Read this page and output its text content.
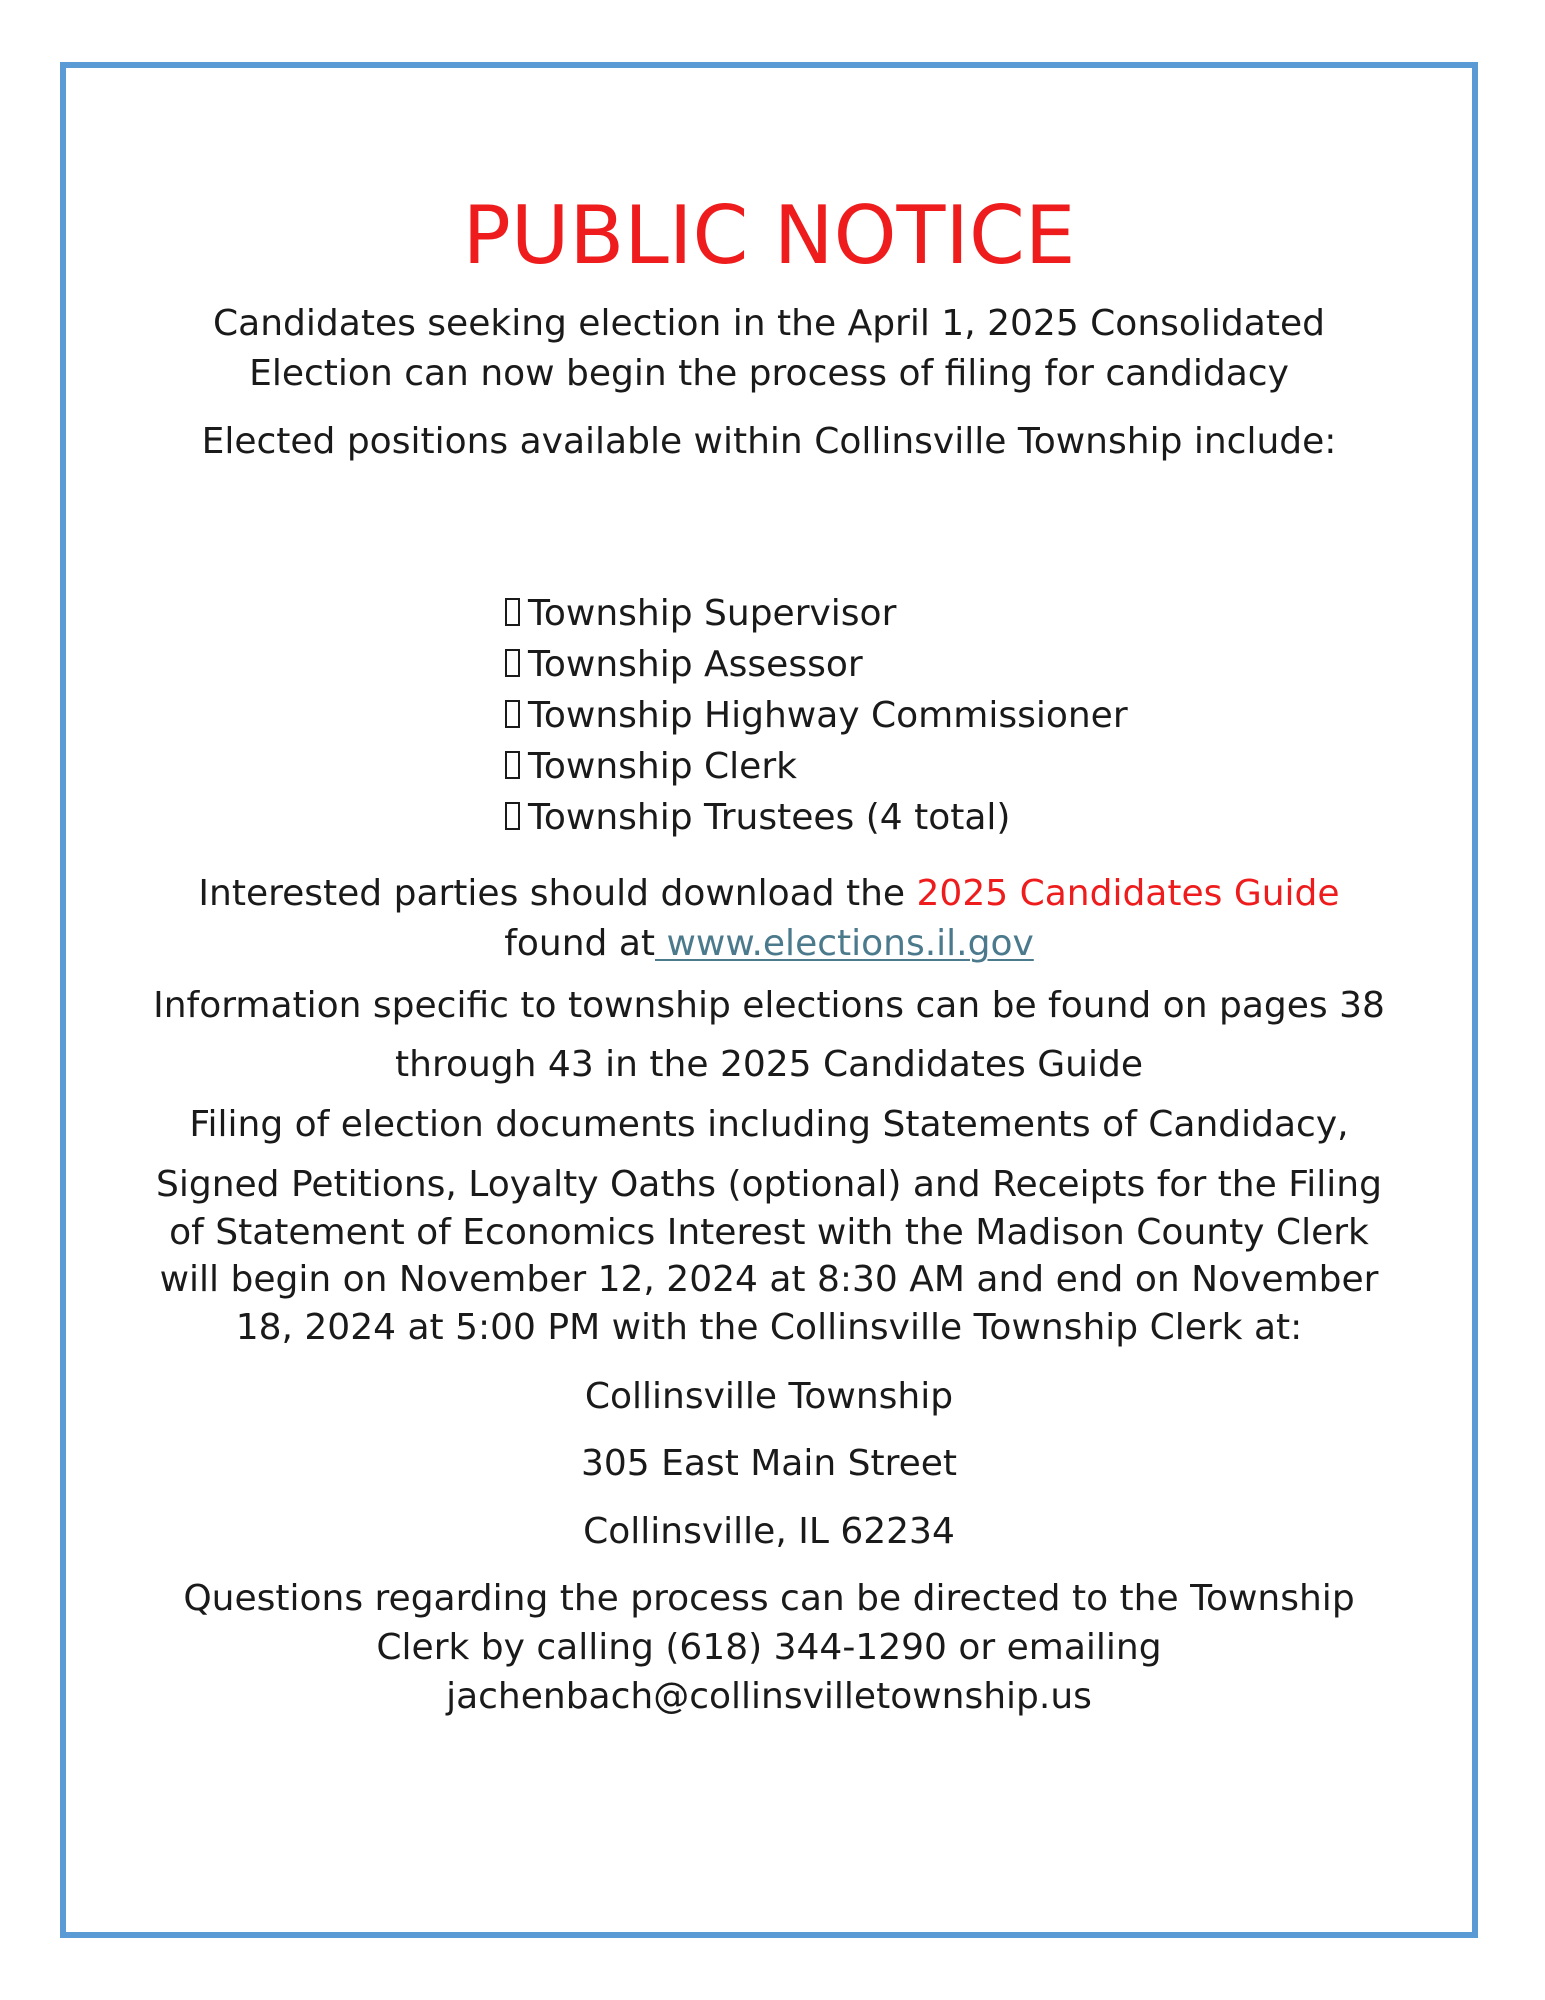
PUBLIC NOTICE
Candidates seeking election in the April 1, 2025 Consolidated
Election can now begin the process of filing for candidacy
Elected positions available within Collinsville Township include:
Township Supervisor
Township Assessor
Township Highway Commissioner
Township Clerk
Township Trustees (4 total)
Interested parties should download the 2025 Candidates Guide
found at www.elections.il.gov
Information specific to township elections can be found on pages 38
through 43 in the 2025 Candidates Guide
Filing of election documents including Statements of Candidacy,
Signed Petitions, Loyalty Oaths (optional) and Receipts for the Filing
of Statement of Economics Interest with the Madison County Clerk
will begin on November 12, 2024 at 8:30 AM and end on November
18, 2024 at 5:00 PM with the Collinsville Township Clerk at:
Collinsville Township
305 East Main Street
Collinsville, IL 62234
Questions regarding the process can be directed to the Township
Clerk by calling (618) 344-1290 or emailing
jachenbach@collinsvilletownship.us
